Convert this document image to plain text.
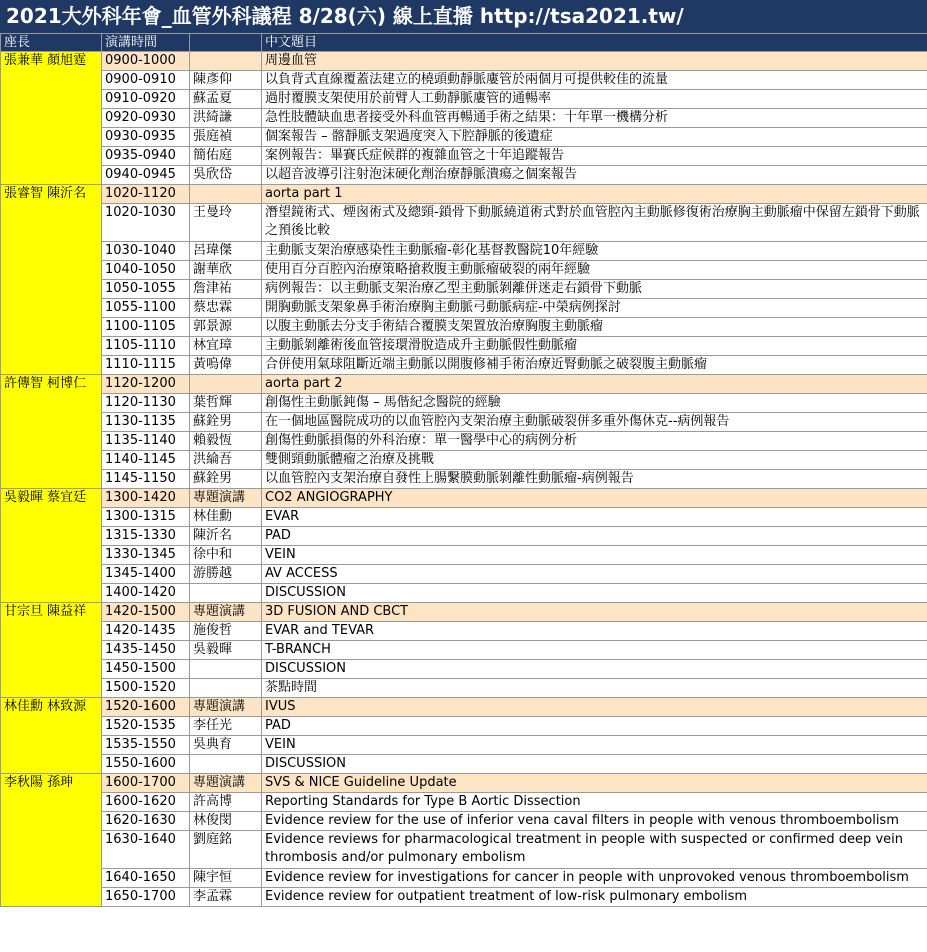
2021大外科年會_血管外科議程 8/28(六) 線上直播 http://tsa2021.tw/
座長	演講時間		中文題目
張兼華 顏旭霆	0900-1000		周邊血管
	0900-0910	陳彥仰	以負背式直線覆蓋法建立的橈頭動靜脈廔管於兩個月可提供較佳的流量
	0910-0920	蘇孟夏	過肘覆膜支架使用於前臂人工動靜脈廔管的通暢率
	0920-0930	洪綺謙	急性肢體缺血患者接受外科血管再暢通手術之結果：十年單一機構分析
	0930-0935	張庭禎	個案報告 – 髂靜脈支架過度突入下腔靜脈的後遺症
	0935-0940	簡佑庭	案例報告：畢賽氏症候群的複雜血管之十年追蹤報告
	0940-0945	吳欣岱	以超音波導引注射泡沫硬化劑治療靜脈潰瘍之個案報告
張睿智 陳沂名	1020-1120		aorta part 1
	1020-1030	王曼玲	潛望鏡術式、煙囪術式及總頸-鎖骨下動脈繞道術式對於血管腔內主動脈修復術治療胸主動脈瘤中保留左鎖骨下動脈之預後比較
	1030-1040	呂瑋傑	主動脈支架治療感染性主動脈瘤-彰化基督教醫院10年經驗
	1040-1050	謝華欣	使用百分百腔內治療策略搶救腹主動脈瘤破裂的兩年經驗
	1050-1055	詹津祐	病例報告：以主動脈支架治療乙型主動脈剝離併迷走右鎖骨下動脈
	1055-1100	蔡忠霖	開胸動脈支架象鼻手術治療胸主動脈弓動脈病症-中榮病例探討
	1100-1105	郭景源	以腹主動脈去分支手術結合覆膜支架置放治療胸腹主動脈瘤
	1105-1110	林宜璋	主動脈剝離術後血管接環滑脫造成升主動脈假性動脈瘤
	1110-1115	黃嗚偉	合併使用氣球阻斷近端主動脈以開腹修補手術治療近腎動脈之破裂腹主動脈瘤
許傳智 柯博仁	1120-1200		aorta part 2
	1120-1130	葉哲輝	創傷性主動脈鈍傷 – 馬偕紀念醫院的經驗
	1130-1135	蘇銓男	在一個地區醫院成功的以血管腔內支架治療主動脈破裂併多重外傷休克--病例報告
	1135-1140	賴毅恆	創傷性動脈損傷的外科治療：單一醫學中心的病例分析
	1140-1145	洪綸吾	雙側頸動脈體瘤之治療及挑戰
	1145-1150	蘇銓男	以血管腔內支架治療自發性上腸繫膜動脈剝離性動脈瘤-病例報告
吳毅暉 蔡宜廷	1300-1420	專題演講	CO2 ANGIOGRAPHY
	1300-1315	林佳勳	EVAR
	1315-1330	陳沂名	PAD
	1330-1345	徐中和	VEIN
	1345-1400	游勝越	AV ACCESS
	1400-1420		DISCUSSION
甘宗旦 陳益祥	1420-1500	專題演講	3D FUSION AND CBCT
	1420-1435	施俊哲	EVAR and TEVAR
	1435-1450	吳毅暉	T-BRANCH
	1450-1500		DISCUSSION
	1500-1520		茶點時間
林佳勳 林致源	1520-1600	專題演講	IVUS
	1520-1535	李任光	PAD
	1535-1550	吳典育	VEIN
	1550-1600		DISCUSSION
李秋陽 孫珅	1600-1700	專題演講	SVS & NICE Guideline Update
	1600-1620	許高博	Reporting Standards for Type B Aortic Dissection
	1620-1630	林俊閔	Evidence review for the use of inferior vena caval filters in people with venous thromboembolism
	1630-1640	劉庭銘	Evidence reviews for pharmacological treatment in people with suspected or confirmed deep vein thrombosis and/or pulmonary embolism
	1640-1650	陳宇恒	Evidence review for investigations for cancer in people with unprovoked venous thromboembolism
	1650-1700	李孟霖	Evidence review for outpatient treatment of low-risk pulmonary embolism
